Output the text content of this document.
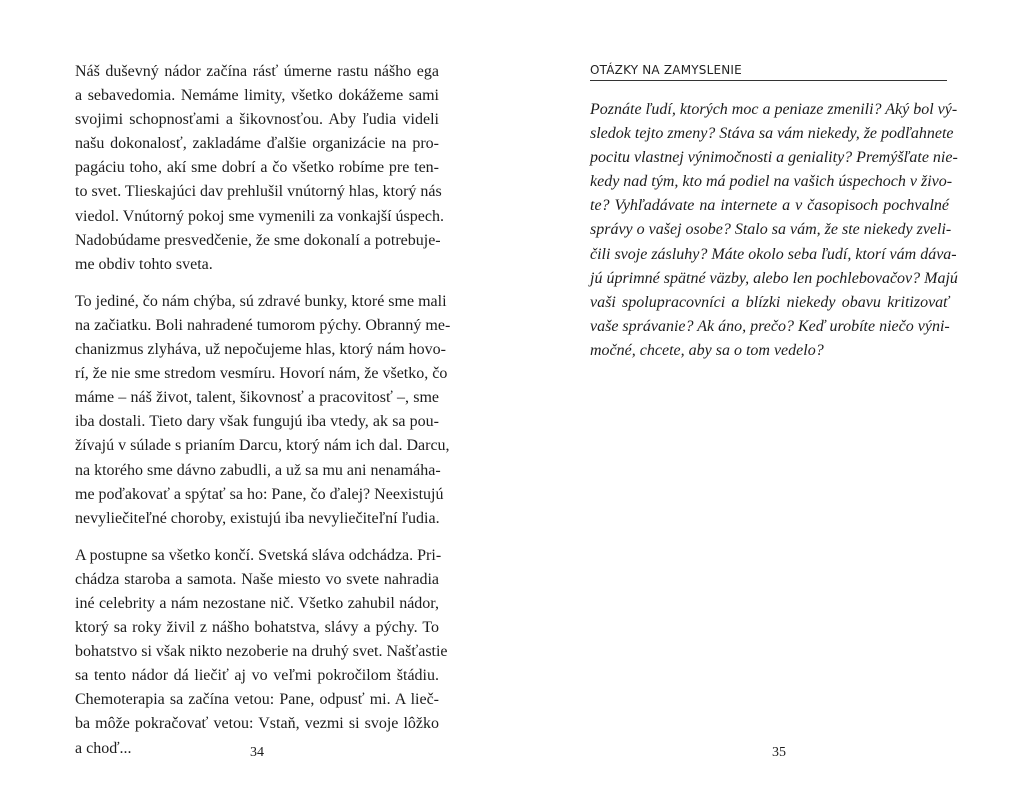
Náš duševný nádor začína rásť úmerne rastu nášho ega
a sebavedomia. Nemáme limity, všetko dokážeme sami
svojimi schopnosťami a šikovnosťou. Aby ľudia videli
našu dokonalosť, zakladáme ďalšie organizácie na pro-
pagáciu toho, akí sme dobrí a čo všetko robíme pre ten-
to svet. Tlieskajúci dav prehlušil vnútorný hlas, ktorý nás
viedol. Vnútorný pokoj sme vymenili za vonkajší úspech.
Nadobúdame presvedčenie, že sme dokonalí a potrebuje-
me obdiv tohto sveta.

To jediné, čo nám chýba, sú zdravé bunky, ktoré sme mali
na začiatku. Boli nahradené tumorom pýchy. Obranný me-
chanizmus zlyháva, už nepočujeme hlas, ktorý nám hovo-
rí, že nie sme stredom vesmíru. Hovorí nám, že všetko, čo
máme – náš život, talent, šikovnosť a pracovitosť –, sme
iba dostali. Tieto dary však fungujú iba vtedy, ak sa pou-
žívajú v súlade s prianím Darcu, ktorý nám ich dal. Darcu,
na ktorého sme dávno zabudli, a už sa mu ani nenamáha-
me poďakovať a spýtať sa ho: Pane, čo ďalej? Neexistujú
nevyliečiteľné choroby, existujú iba nevyliečiteľní ľudia.

A postupne sa všetko končí. Svetská sláva odchádza. Pri-
chádza staroba a samota. Naše miesto vo svete nahradia
iné celebrity a nám nezostane nič. Všetko zahubil nádor,
ktorý sa roky živil z nášho bohatstva, slávy a pýchy. To
bohatstvo si však nikto nezoberie na druhý svet. Našťastie
sa tento nádor dá liečiť aj vo veľmi pokročilom štádiu.
Chemoterapia sa začína vetou: Pane, odpusť mi. A lieč-
ba môže pokračovať vetou: Vstaň, vezmi si svoje lôžko
a choď...	34
OTÁZKY NA ZAMYSLENIE
Poznáte ľudí, ktorých moc a peniaze zmenili? Aký bol vý-
sledok tejto zmeny? Stáva sa vám niekedy, že podľahnete
pocitu vlastnej výnimočnosti a geniality? Premýšľate nie-
kedy nad tým, kto má podiel na vašich úspechoch v živo-
te? Vyhľadávate na internete a v časopisoch pochvalné
správy o vašej osobe? Stalo sa vám, že ste niekedy zveli-
čili svoje zásluhy? Máte okolo seba ľudí, ktorí vám dáva-
jú úprimné spätné väzby, alebo len pochlebovačov? Majú
vaši spolupracovníci a blízki niekedy obavu kritizovať
vaše správanie? Ak áno, prečo? Keď urobíte niečo výni-
močné, chcete, aby sa o tom vedelo?
35
